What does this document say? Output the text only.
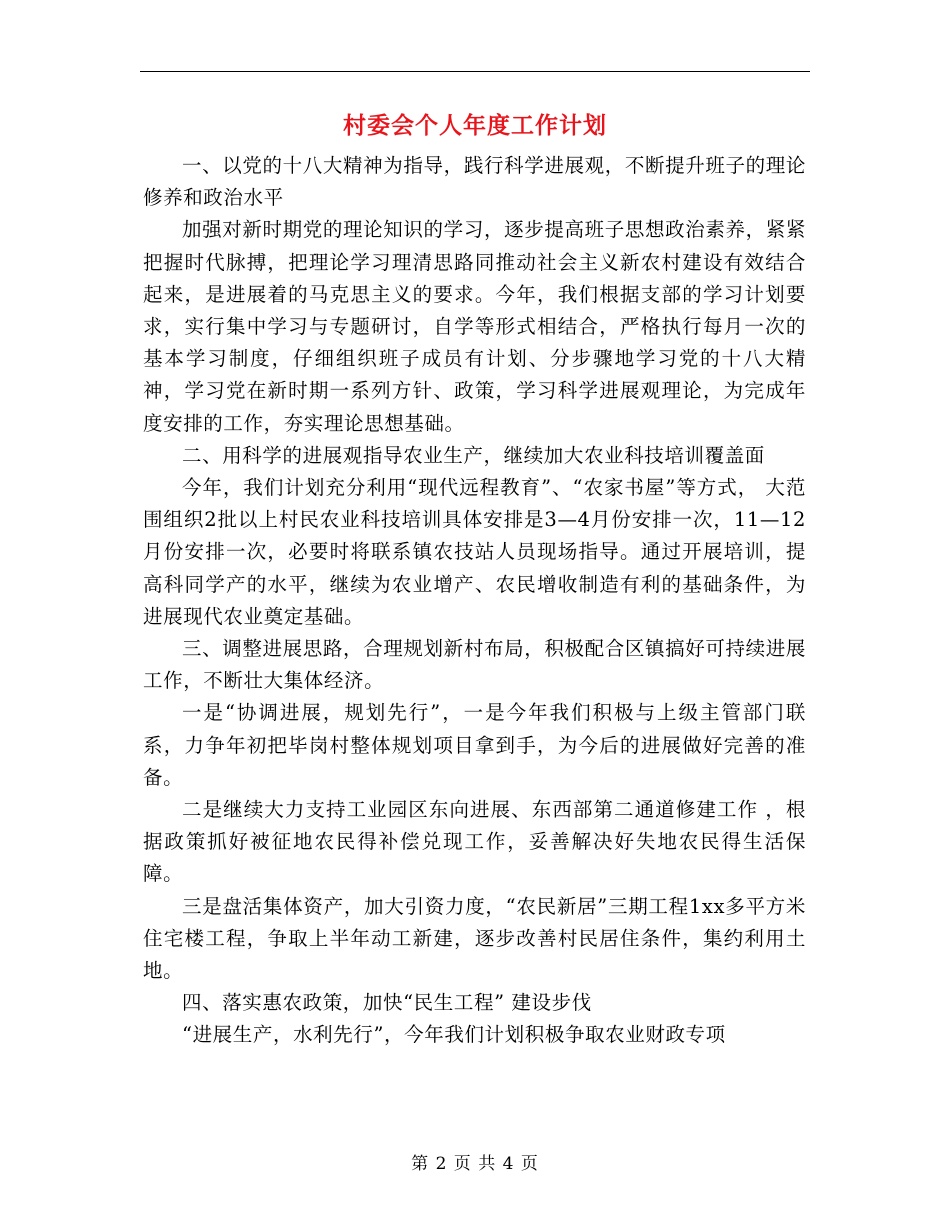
村委会个人年度工作计划

一、以党的十八大精神为指导，践行科学进展观，不断提升班子的理论修养和政治水平

加强对新时期党的理论知识的学习，逐步提高班子思想政治素养，紧紧把握时代脉搏，把理论学习理清思路同推动社会主义新农村建设有效结合起来，是进展着的马克思主义的要求。今年，我们根据支部的学习计划要求，实行集中学习与专题研讨，自学等形式相结合，严格执行每月一次的基本学习制度，仔细组织班子成员有计划、分步骤地学习党的十八大精神，学习党在新时期一系列方针、政策，学习科学进展观理论，为完成年度安排的工作，夯实理论思想基础。

二、用科学的进展观指导农业生产，继续加大农业科技培训覆盖面

今年，我们计划充分利用“现代远程教育”、“农家书屋”等方式， 大范围组织2批以上村民农业科技培训具体安排是3—4月份安排一次，11—12月份安排一次，必要时将联系镇农技站人员现场指导。通过开展培训，提高科同学产的水平，继续为农业增产、农民增收制造有利的基础条件，为进展现代农业奠定基础。

三、调整进展思路，合理规划新村布局，积极配合区镇搞好可持续进展工作，不断壮大集体经济。

一是“协调进展，规划先行”，一是今年我们积极与上级主管部门联系，力争年初把毕岗村整体规划项目拿到手，为今后的进展做好完善的准备。

二是继续大力支持工业园区东向进展、东西部第二通道修建工作 ，根据政策抓好被征地农民得补偿兑现工作，妥善解决好失地农民得生活保障。

三是盘活集体资产，加大引资力度，“农民新居”三期工程1xx多平方米住宅楼工程，争取上半年动工新建，逐步改善村民居住条件，集约利用土地。

四、落实惠农政策，加快“民生工程” 建设步伐

“进展生产，水利先行”，今年我们计划积极争取农业财政专项

第 2 页 共 4 页
